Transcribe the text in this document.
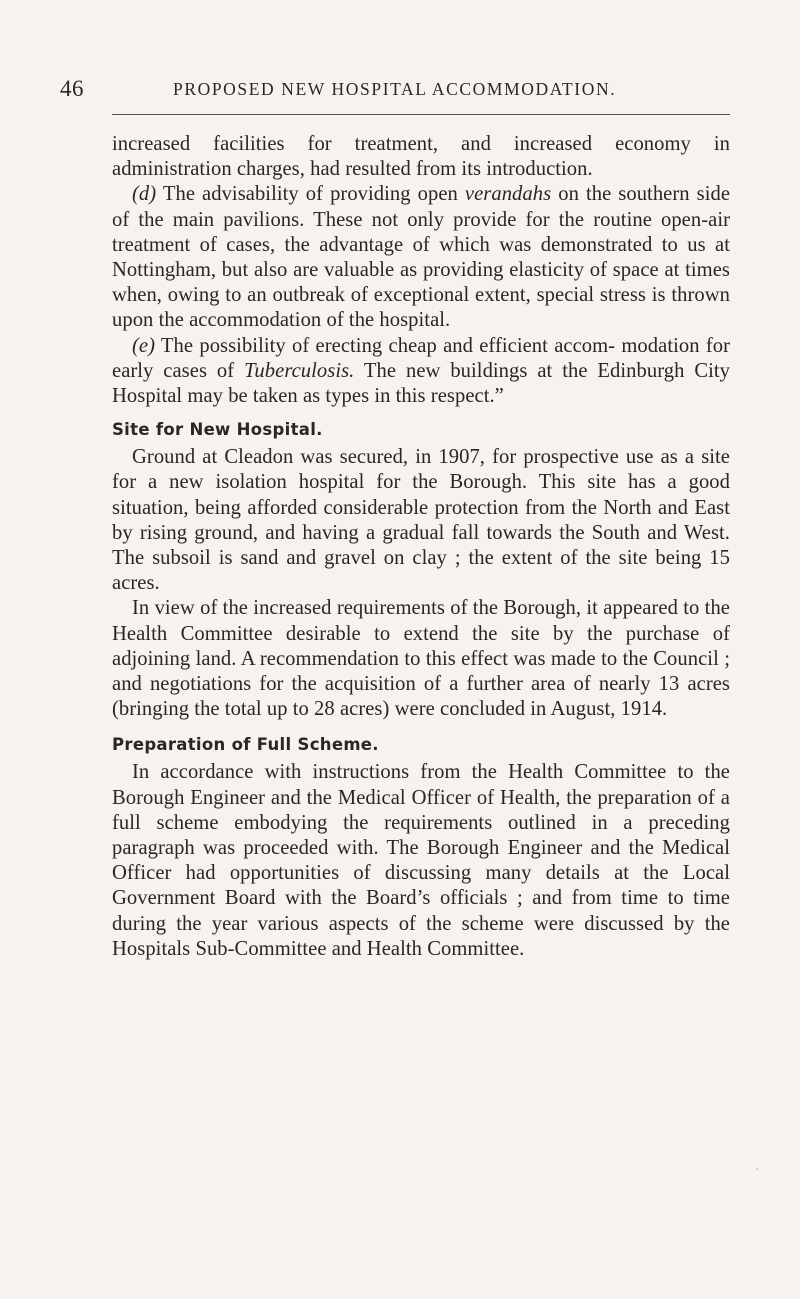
46	PROPOSED NEW HOSPITAL ACCOMMODATION.

increased facilities for treatment, and increased economy in administration charges, had resulted from its introduction.

(d) The advisability of providing open verandahs on the southern side of the main pavilions. These not only provide for the routine open-air treatment of cases, the advantage of which was demonstrated to us at Nottingham, but also are valuable as providing elasticity of space at times when, owing to an outbreak of exceptional extent, special stress is thrown upon the accommodation of the hospital.

(e) The possibility of erecting cheap and efficient accom- modation for early cases of Tuberculosis. The new buildings at the Edinburgh City Hospital may be taken as types in this respect.”

Site for New Hospital.

Ground at Cleadon was secured, in 1907, for prospective use as a site for a new isolation hospital for the Borough. This site has a good situation, being afforded considerable protection from the North and East by rising ground, and having a gradual fall towards the South and West. The subsoil is sand and gravel on clay ; the extent of the site being 15 acres.

In view of the increased requirements of the Borough, it appeared to the Health Committee desirable to extend the site by the purchase of adjoining land. A recommendation to this effect was made to the Council ; and negotiations for the acquisition of a further area of nearly 13 acres (bringing the total up to 28 acres) were concluded in August, 1914.

Preparation of Full Scheme.

In accordance with instructions from the Health Committee to the Borough Engineer and the Medical Officer of Health, the preparation of a full scheme embodying the requirements outlined in a preceding paragraph was proceeded with. The Borough Engineer and the Medical Officer had opportunities of discussing many details at the Local Government Board with the Board’s officials ; and from time to time during the year various aspects of the scheme were discussed by the Hospitals Sub-Committee and Health Committee.

·
